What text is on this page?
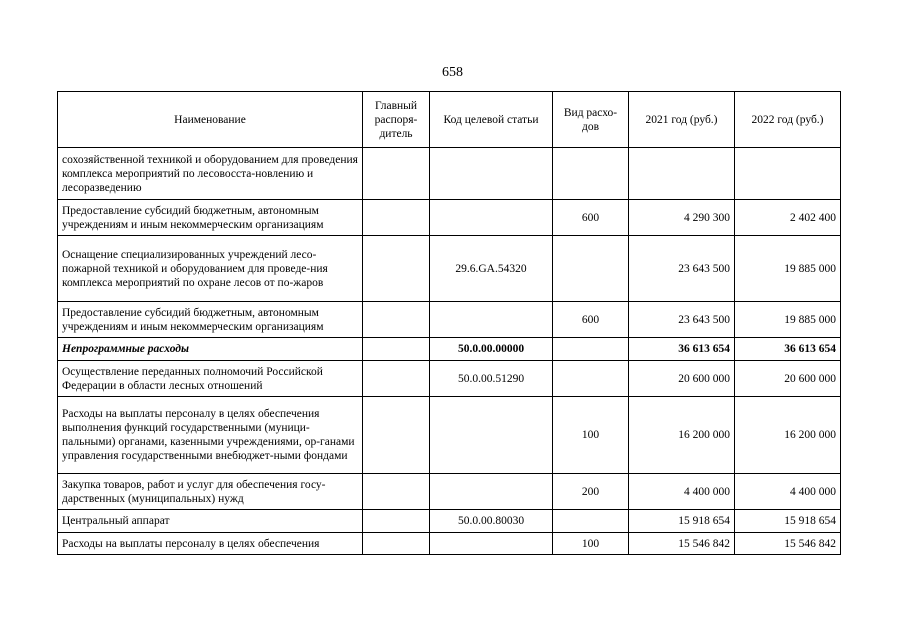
658
Наименование	Главный распоря-дитель	Код целевой статьи	Вид расхо-дов	2021 год (руб.)	2022 год (руб.)
сохозяйственной техникой и оборудованием для проведения комплекса мероприятий по лесовосста-новлению и лесоразведению					
Предоставление субсидий бюджетным, автономным учреждениям и иным некоммерческим организациям			600	4 290 300	2 402 400
Оснащение специализированных учреждений лесо-пожарной техникой и оборудованием для проведе-ния комплекса мероприятий по охране лесов от по-жаров		29.6.GA.54320		23 643 500	19 885 000
Предоставление субсидий бюджетным, автономным учреждениям и иным некоммерческим организациям			600	23 643 500	19 885 000
Непрограммные расходы		50.0.00.00000		36 613 654	36 613 654
Осуществление переданных полномочий Российской Федерации в области лесных отношений		50.0.00.51290		20 600 000	20 600 000
Расходы на выплаты персоналу в целях обеспечения выполнения функций государственными (муници-пальными) органами, казенными учреждениями, ор-ганами управления государственными внебюджет-ными фондами			100	16 200 000	16 200 000
Закупка товаров, работ и услуг для обеспечения госу-дарственных (муниципальных) нужд			200	4 400 000	4 400 000
Центральный аппарат		50.0.00.80030		15 918 654	15 918 654
Расходы на выплаты персоналу в целях обеспечения			100	15 546 842	15 546 842
